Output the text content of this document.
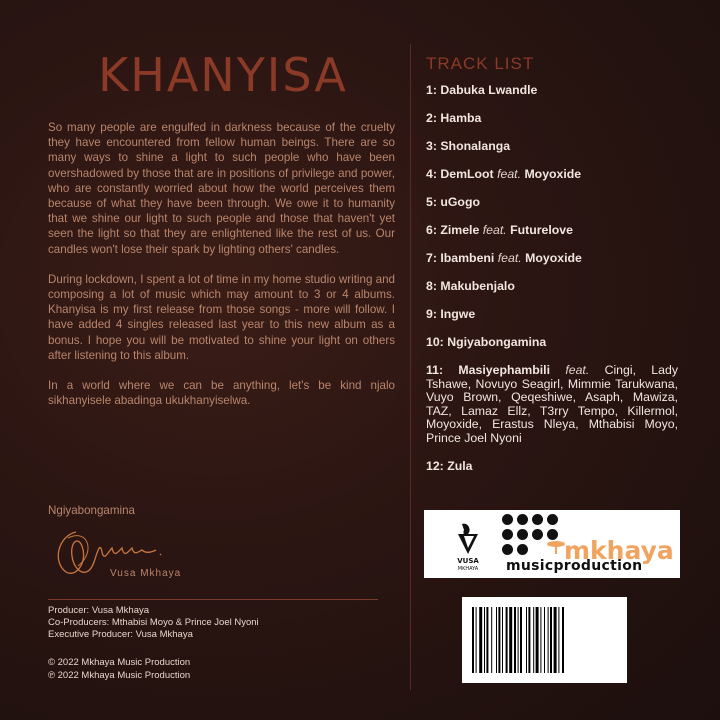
KHANYISA

So many people are engulfed in darkness because of the cruelty they have encountered from fellow human beings. There are so many ways to shine a light to such people who have been overshadowed by those that are in positions of privilege and power, who are constantly worried about how the world perceives them because of what they have been through. We owe it to humanity that we shine our light to such people and those that haven't yet seen the light so that they are enlightened like the rest of us. Our candles won't lose their spark by lighting others' candles.

During lockdown, I spent a lot of time in my home studio writing and composing a lot of music which may amount to 3 or 4 albums. Khanyisa is my first release from those songs - more will follow. I have added 4 singles released last year to this new album as a bonus. I hope you will be motivated to shine your light on others after listening to this album.

In a world where we can be anything, let's be kind njalo sikhanyisele abadinga ukukhanyiselwa.

Ngiyabongamina
Vusa Mkhaya
Producer: Vusa Mkhaya
Co-Producers: Mthabisi Moyo & Prince Joel Nyoni
Executive Producer: Vusa Mkhaya
© 2022 Mkhaya Music Production
℗ 2022 Mkhaya Music Production
TRACK LIST
1: Dabuka Lwandle
2: Hamba
3: Shonalanga
4: DemLoot feat. Moyoxide
5: uGogo
6: Zimele feat. Futurelove
7: Ibambeni feat. Moyoxide
8: Makubenjalo
9: Ingwe
10: Ngiyabongamina
11: Masiyephambili feat. Cingi, Lady Tshawe, Novuyo Seagirl, Mimmie Tarukwana, Vuyo Brown, Qeqeshiwe, Asaph, Mawiza, TAZ, Lamaz Ellz, T3rry Tempo, Killermol, Moyoxide, Erastus Nleya, Mthabisi Moyo, Prince Joel Nyoni
12: Zula
VUSA
MKHAYA
mkhaya
musicproduction
